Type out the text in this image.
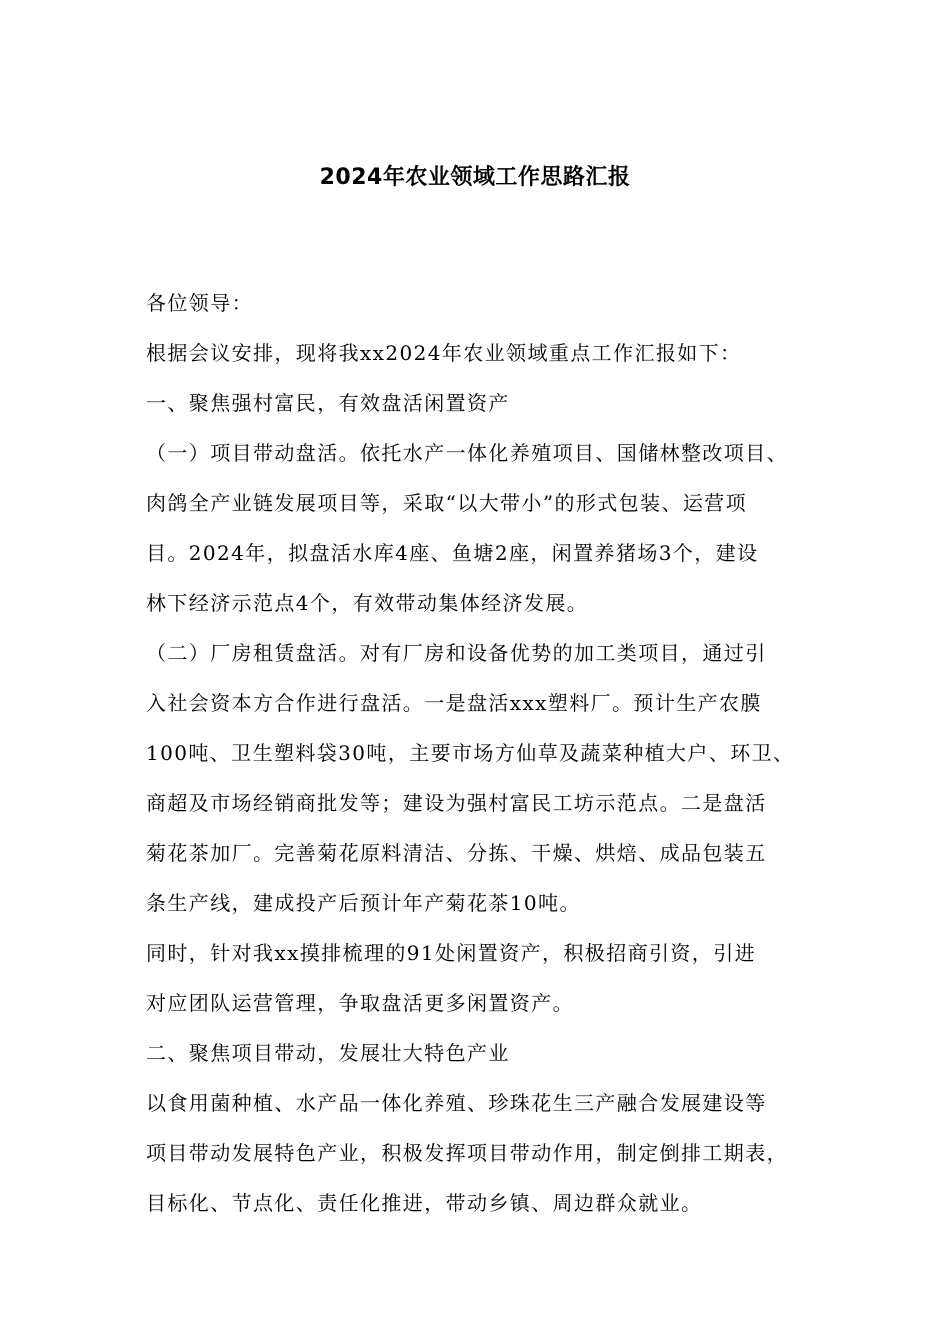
2024年农业领域工作思路汇报
各位领导：
根据会议安排，现将我xx2024年农业领域重点工作汇报如下：
一、聚焦强村富民，有效盘活闲置资产
（一）项目带动盘活。依托水产一体化养殖项目、国储林整改项目、
肉鸽全产业链发展项目等，采取“以大带小”的形式包装、运营项
目。2024年，拟盘活水库4座、鱼塘2座，闲置养猪场3个，建设
林下经济示范点4个，有效带动集体经济发展。
（二）厂房租赁盘活。对有厂房和设备优势的加工类项目，通过引
入社会资本方合作进行盘活。一是盘活xxx塑料厂。预计生产农膜
100吨、卫生塑料袋30吨，主要市场方仙草及蔬菜种植大户、环卫、
商超及市场经销商批发等；建设为强村富民工坊示范点。二是盘活
菊花茶加厂。完善菊花原料清洁、分拣、干燥、烘焙、成品包装五
条生产线，建成投产后预计年产菊花茶10吨。
同时，针对我xx摸排梳理的91处闲置资产，积极招商引资，引进
对应团队运营管理，争取盘活更多闲置资产。
二、聚焦项目带动，发展壮大特色产业
以食用菌种植、水产品一体化养殖、珍珠花生三产融合发展建设等
项目带动发展特色产业，积极发挥项目带动作用，制定倒排工期表，
目标化、节点化、责任化推进，带动乡镇、周边群众就业。
